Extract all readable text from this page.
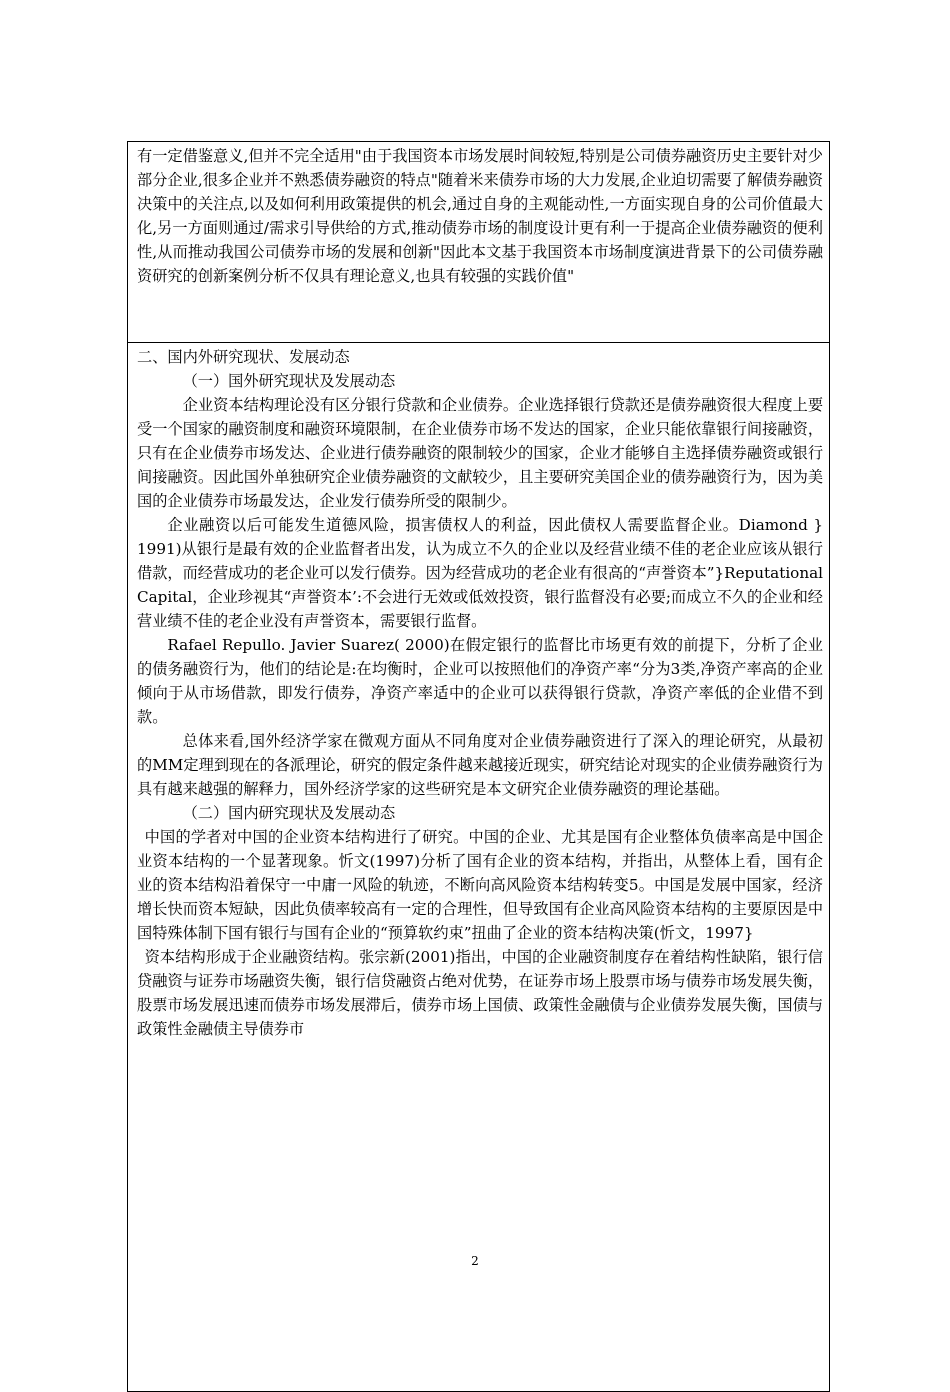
有一定借鉴意义,但并不完全适用"由于我国资本市场发展时间较短,特别是公司债券融资历史主要针对少部分企业,很多企业并不熟悉债券融资的特点"随着米来债券市场的大力发展,企业迫切需要了解债券融资决策中的关注点,以及如何利用政策提供的机会,通过自身的主观能动性,一方面实现自身的公司价值最大化,另一方面则通过/需求引导供给的方式,推动债券市场的制度设计更有利一于提高企业债券融资的便利性,从而推动我国公司债券市场的发展和创新"因此本文基于我国资本市场制度演进背景下的公司债券融资研究的创新案例分析不仅具有理论意义,也具有较强的实践价值"

二、国内外研究现状、发展动态

（一）国外研究现状及发展动态

企业资本结构理论没有区分银行贷款和企业债券。企业选择银行贷款还是债券融资很大程度上要受一个国家的融资制度和融资环境限制，在企业债券市场不发达的国家，企业只能依靠银行间接融资，只有在企业债券市场发达、企业进行债券融资的限制较少的国家，企业才能够自主选择债券融资或银行间接融资。因此国外单独研究企业债券融资的文献较少，且主要研究美国企业的债券融资行为，因为美国的企业债券市场最发达，企业发行债券所受的限制少。

企业融资以后可能发生道德风险，损害债权人的利益，因此债权人需要监督企业。Diamond } 1991)从银行是最有效的企业监督者出发，认为成立不久的企业以及经营业绩不佳的老企业应该从银行借款，而经营成功的老企业可以发行债券。因为经营成功的老企业有很高的“声誉资本”}Reputational Capital，企业珍视其“声誉资本’:不会进行无效或低效投资，银行监督没有必要;而成立不久的企业和经营业绩不佳的老企业没有声誉资本，需要银行监督。

Rafael Repullo. Javier Suarez( 2000)在假定银行的监督比市场更有效的前提下，分析了企业的债务融资行为，他们的结论是:在均衡时，企业可以按照他们的净资产率“分为3类,净资产率高的企业倾向于从市场借款，即发行债券，净资产率适中的企业可以获得银行贷款，净资产率低的企业借不到款。

总体来看,国外经济学家在微观方面从不同角度对企业债券融资进行了深入的理论研究，从最初的MM定理到现在的各派理论，研究的假定条件越来越接近现实，研究结论对现实的企业债券融资行为具有越来越强的解释力，国外经济学家的这些研究是本文研究企业债券融资的理论基础。

（二）国内研究现状及发展动态

中国的学者对中国的企业资本结构进行了研究。中国的企业、尤其是国有企业整体负债率高是中国企业资本结构的一个显著现象。忻文(1997)分析了国有企业的资本结构，并指出，从整体上看，国有企业的资本结构沿着保守一中庸一风险的轨迹，不断向高风险资本结构转变5。中国是发展中国家，经济增长快而资本短缺，因此负债率较高有一定的合理性，但导致国有企业高风险资本结构的主要原因是中国特殊体制下国有银行与国有企业的“预算软约束”扭曲了企业的资本结构决策(忻文，1997}

资本结构形成于企业融资结构。张宗新(2001)指出，中国的企业融资制度存在着结构性缺陷，银行信贷融资与证券市场融资失衡，银行信贷融资占绝对优势，在证券市场上股票市场与债券市场发展失衡，股票市场发展迅速而债券市场发展滞后，债券市场上国债、政策性金融债与企业债券发展失衡，国债与政策性金融债主导债券市

2
